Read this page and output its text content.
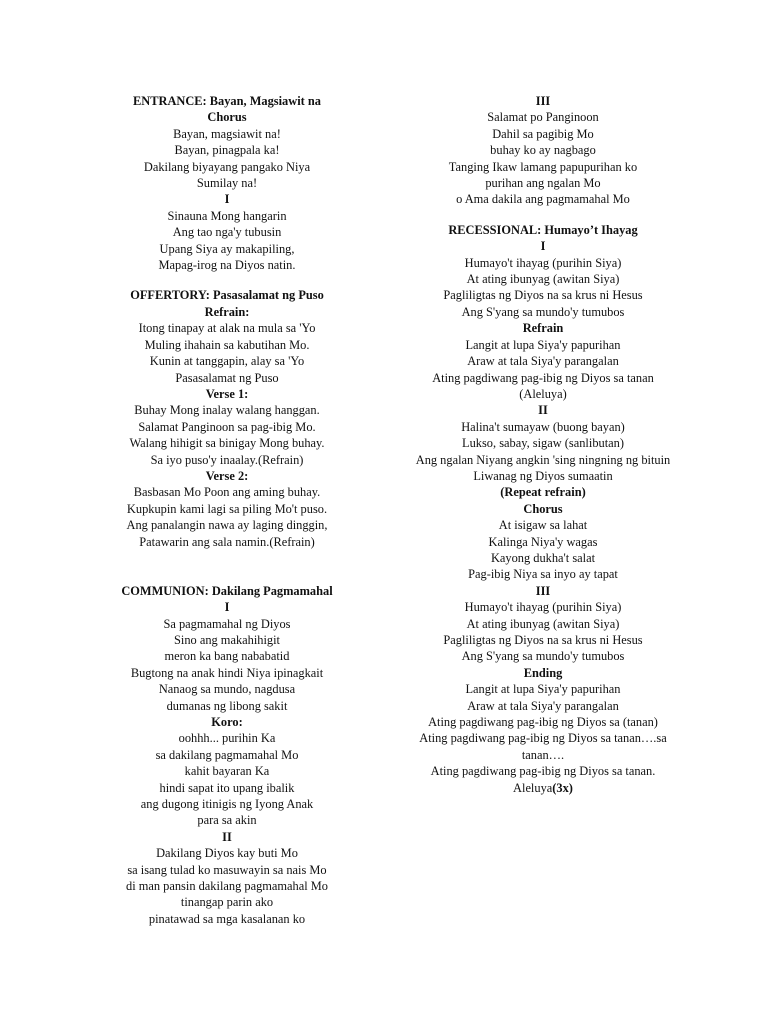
ENTRANCE: Bayan, Magsiawit na
Chorus
Bayan, magsiawit na!
Bayan, pinagpala ka!
Dakilang biyayang pangako Niya
Sumilay na!
I
Sinauna Mong hangarin
Ang tao nga'y tubusin
Upang Siya ay makapiling,
Mapag-irog na Diyos natin.
OFFERTORY: Pasasalamat ng Puso
Refrain:
Itong tinapay at alak na mula sa 'Yo
Muling ihahain sa kabutihan Mo.
Kunin at tanggapin, alay sa 'Yo
Pasasalamat ng Puso
Verse 1:
Buhay Mong inalay walang hanggan.
Salamat Panginoon sa pag-ibig Mo.
Walang hihigit sa binigay Mong buhay.
Sa iyo puso'y inaalay.(Refrain)
Verse 2:
Basbasan Mo Poon ang aming buhay.
Kupkupin kami lagi sa piling Mo't puso.
Ang panalangin nawa ay laging dinggin,
Patawarin ang sala namin.(Refrain)
COMMUNION: Dakilang Pagmamahal
I
Sa pagmamahal ng Diyos
Sino ang makahihigit
meron ka bang nababatid
Bugtong na anak hindi Niya ipinagkait
Nanaog sa mundo, nagdusa
dumanas ng libong sakit
Koro:
oohhh... purihin Ka
sa dakilang pagmamahal Mo
kahit bayaran Ka
hindi sapat ito upang ibalik
ang dugong itinigis ng Iyong Anak
para sa akin
II
Dakilang Diyos kay buti Mo
sa isang tulad ko masuwayin sa nais Mo
di man pansin dakilang pagmamahal Mo
tinangap parin ako
pinatawad sa mga kasalanan ko
III
Salamat po Panginoon
Dahil sa pagibig Mo
buhay ko ay nagbago
Tanging Ikaw lamang papupurihan ko
purihan ang ngalan Mo
o Ama dakila ang pagmamahal Mo
RECESSIONAL: Humayo’t Ihayag
I
Humayo't ihayag (purihin Siya)
At ating ibunyag (awitan Siya)
Pagliligtas ng Diyos na sa krus ni Hesus
Ang S'yang sa mundo'y tumubos
Refrain
Langit at lupa Siya'y papurihan
Araw at tala Siya'y parangalan
Ating pagdiwang pag-ibig ng Diyos sa tanan
(Aleluya)
II
Halina't sumayaw (buong bayan)
Lukso, sabay, sigaw (sanlibutan)
Ang ngalan Niyang angkin 'sing ningning ng bituin
Liwanag ng Diyos sumaatin
(Repeat refrain)
Chorus
At isigaw sa lahat
Kalinga Niya'y wagas
Kayong dukha't salat
Pag-ibig Niya sa inyo ay tapat
III
Humayo't ihayag (purihin Siya)
At ating ibunyag (awitan Siya)
Pagliligtas ng Diyos na sa krus ni Hesus
Ang S'yang sa mundo'y tumubos
Ending
Langit at lupa Siya'y papurihan
Araw at tala Siya'y parangalan
Ating pagdiwang pag-ibig ng Diyos sa (tanan)
Ating pagdiwang pag-ibig ng Diyos sa tanan….sa tanan….
Ating pagdiwang pag-ibig ng Diyos sa tanan.
Aleluya(3x)
